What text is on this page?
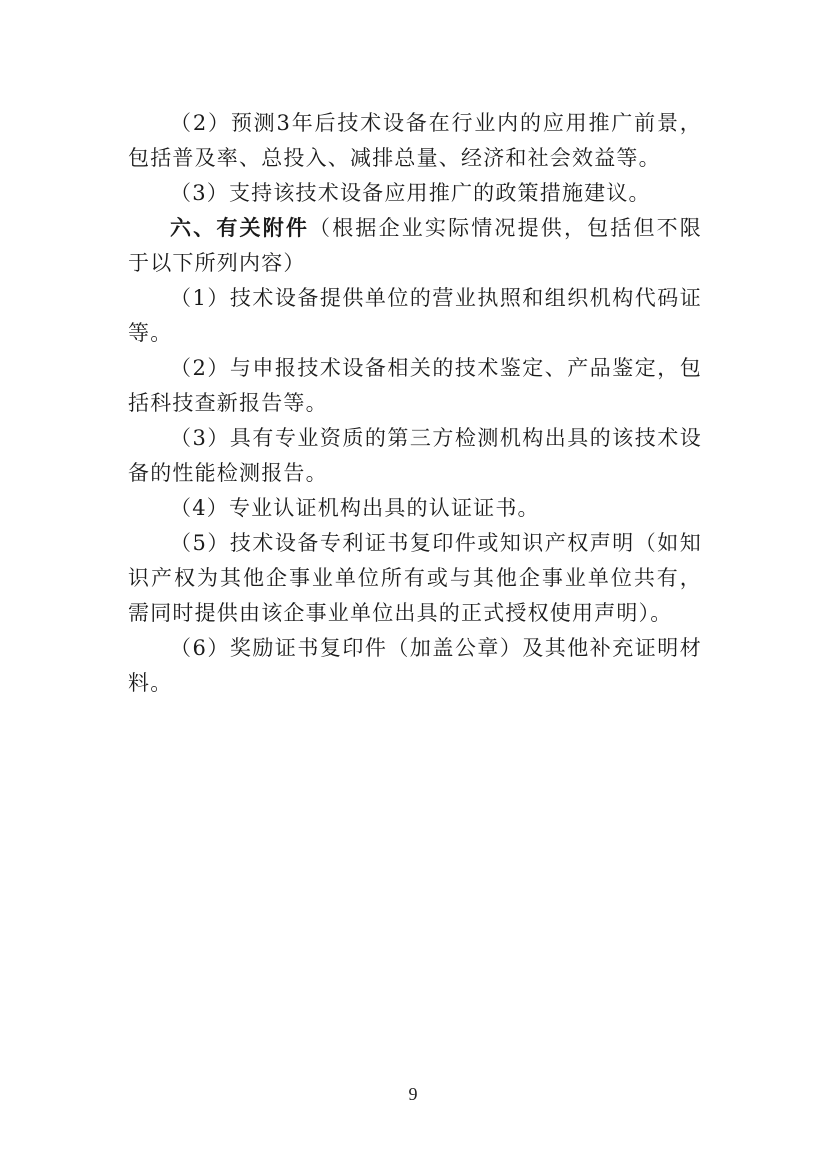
（2）预测3年后技术设备在行业内的应用推广前景，包括普及率、总投入、减排总量、经济和社会效益等。

（3）支持该技术设备应用推广的政策措施建议。

六、有关附件（根据企业实际情况提供，包括但不限于以下所列内容）

（1）技术设备提供单位的营业执照和组织机构代码证等。

（2）与申报技术设备相关的技术鉴定、产品鉴定，包括科技查新报告等。

（3）具有专业资质的第三方检测机构出具的该技术设备的性能检测报告。

（4）专业认证机构出具的认证证书。

（5）技术设备专利证书复印件或知识产权声明（如知识产权为其他企事业单位所有或与其他企事业单位共有，需同时提供由该企事业单位出具的正式授权使用声明）。

（6）奖励证书复印件（加盖公章）及其他补充证明材料。

9
